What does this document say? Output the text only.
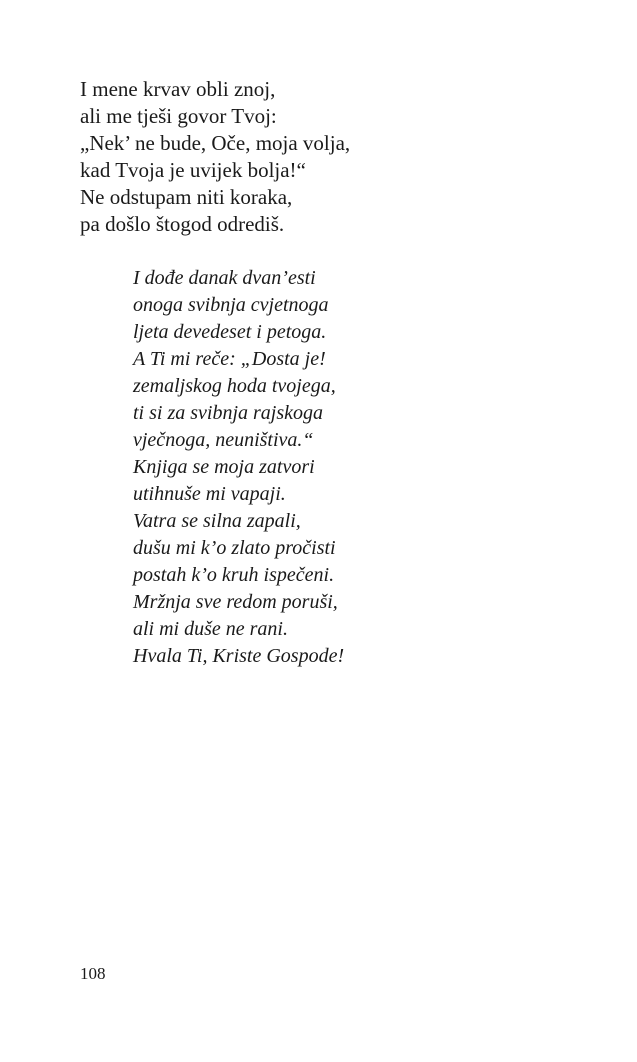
I mene krvav obli znoj,
ali me tješi govor Tvoj:
„Nek’ ne bude, Oče, moja volja,
kad Tvoja je uvijek bolja!“
Ne odstupam niti koraka,
pa došlo štogod odrediš.
I dođe danak dvan’esti
onoga svibnja cvjetnoga
ljeta devedeset i petoga.
A Ti mi reče: „Dosta je!
zemaljskog hoda tvojega,
ti si za svibnja rajskoga
vječnoga, neuništiva.“
Knjiga se moja zatvori
utihnuše mi vapaji.
Vatra se silna zapali,
dušu mi k’o zlato pročisti
postah k’o kruh ispečeni.
Mržnja sve redom poruši,
ali mi duše ne rani.
Hvala Ti, Kriste Gospode!
108
